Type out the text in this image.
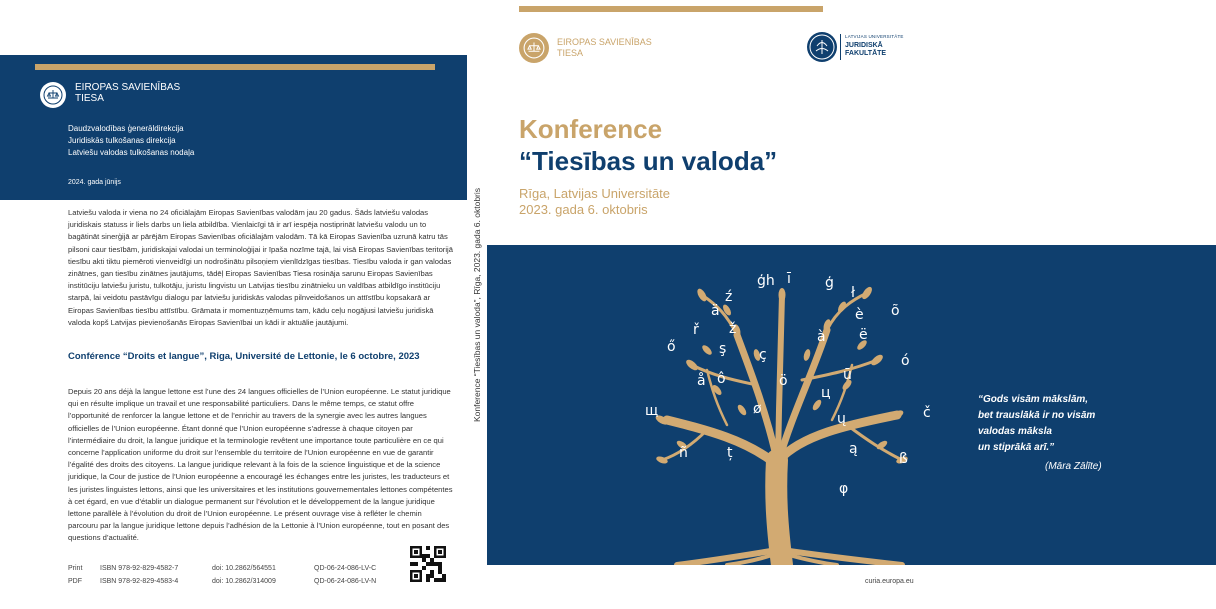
EIROPAS SAVIENĪBAS
TIESA
Daudzvalodības ģenerāldirekcija
Juridiskās tulkošanas direkcija
Latviešu valodas tulkošanas nodaļa
2024. gada jūnijs

Latviešu valoda ir viena no 24 oficiālajām Eiropas Savienības valodām jau 20 gadus. Šāds latviešu valodas juridiskais statuss ir liels darbs un liela atbildība. Vienlaicīgi tā ir arī iespēja nostiprināt latviešu valodu un to bagātināt sinerģijā ar pārējām Eiropas Savienības oficiālajām valodām. Tā kā Eiropas Savienība uzrunā katru tās pilsoni caur tiesībām, juridiskajai valodai un terminoloģijai ir īpaša nozīme tajā, lai visā Eiropas Savienības teritorijā tiesību akti tiktu piemēroti vienveidīgi un nodrošinātu pilsoņiem vienlīdzīgas tiesības. Tiesību valoda ir gan valodas zinātnes, gan tiesību zinātnes jautājums, tādēļ Eiropas Savienības Tiesa rosināja sarunu Eiropas Savienības institūciju latviešu juristu, tulkotāju, juristu lingvistu un Latvijas tiesību zinātnieku un valdības atbildīgo institūciju starpā, lai veidotu pastāvīgu dialogu par latviešu juridiskās valodas pilnveidošanos un attīstību kopsakarā ar Eiropas Savienības tiesību attīstību. Grāmata ir momentuzņēmums tam, kādu ceļu nogājusi latviešu juridiskā valoda kopš Latvijas pievienošanās Eiropas Savienībai un kādi ir aktuālie jautājumi.

Conférence “Droits et langue”, Riga, Université de Lettonie, le 6 octobre, 2023

Depuis 20 ans déjà la langue lettone est l’une des 24 langues officielles de l’Union européenne. Le statut juridique qui en résulte implique un travail et une responsabilité particuliers. Dans le même temps, ce statut offre l’opportunité de renforcer la langue lettone et de l’enrichir au travers de la synergie avec les autres langues officielles de l’Union européenne. Étant donné que l’Union européenne s’adresse à chaque citoyen par l’intermédiaire du droit, la langue juridique et la terminologie revêtent une importance toute particulière en ce qui concerne l’application uniforme du droit sur l’ensemble du territoire de l’Union européenne en vue de garantir l’égalité des droits des citoyens. La langue juridique relevant à la fois de la science linguistique et de la science juridique, la Cour de justice de l’Union européenne a encouragé les échanges entre les juristes, les traducteurs et les juristes linguistes lettons, ainsi que les universitaires et les institutions gouvernementales lettones compétentes à cet égard, en vue d’établir un dialogue permanent sur l’évolution et le développement de la langue juridique lettone parallèle à l’évolution du droit de l’Union européenne. Le présent ouvrage vise à refléter le chemin parcouru par la langue juridique lettone depuis l’adhésion de la Lettonie à l’Union européenne, tout en posant des questions d’actualité.

Print	ISBN 978-92-829-4582-7	doi: 10.2862/564551	QD-06-24-086-LV-C
PDF	ISBN 978-92-829-4583-4	doi: 10.2862/314009	QD-06-24-086-LV-N
Konference “Tiesības un valoda”, Rīga, 2023. gada 6. oktobris
EIROPAS SAVIENĪBAS
TIESA
LATVIJAS UNIVERSITĀTE
JURIDISKĀ
FAKULTĀTE
Konference
“Tiesības un valoda”
Rīga, Latvijas Universitāte
2023. gada 6. oktobris
ģh ī ģ
ź
ä
ł
ř ž
è õ
ő	ş
à ë
ç	ó
å ô	ö	ū
ц
ø
щ	ų	č
ą
ñ	ț	ß
φ
“Gods visām mākslām,
bet trauslākā ir no visām
valodas māksla
un stiprākā arī.”
(Māra Zālīte)
curia.europa.eu
